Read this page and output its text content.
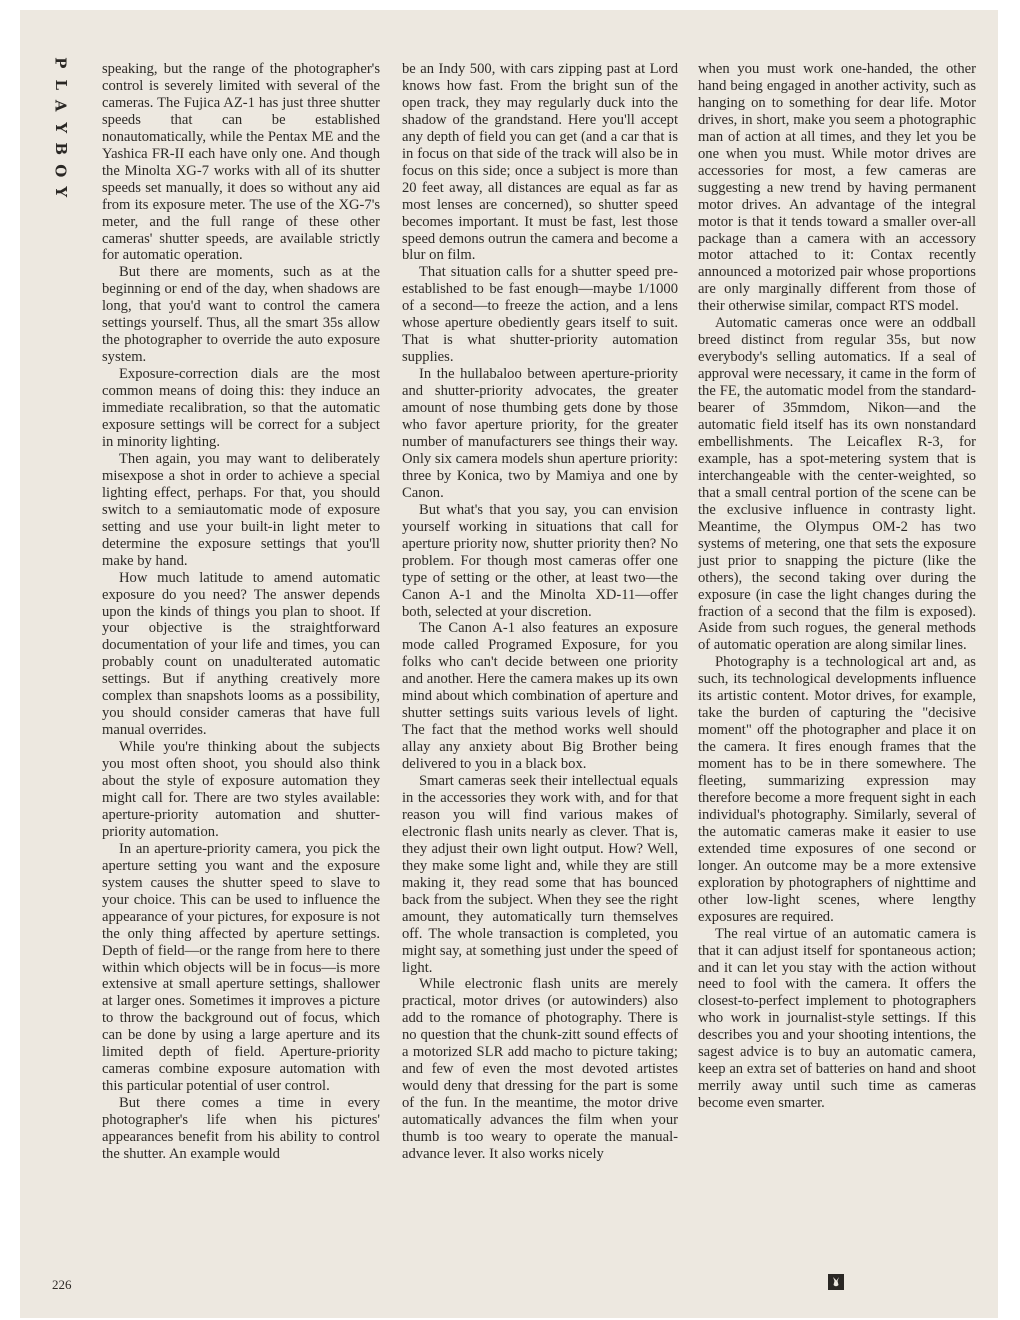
P
L
A
Y
B
O
Y

speaking, but the range of the photographer's control is severely limited with several of the cameras. The Fujica AZ-1 has just three shutter speeds that can be established nonautomatically, while the Pentax ME and the Yashica FR-II each have only one. And though the Minolta XG-7 works with all of its shutter speeds set manually, it does so without any aid from its exposure meter. The use of the XG-7's meter, and the full range of these other cameras' shutter speeds, are available strictly for automatic operation.

But there are moments, such as at the beginning or end of the day, when shadows are long, that you'd want to control the camera settings yourself. Thus, all the smart 35s allow the photographer to override the auto exposure system.

Exposure-correction dials are the most common means of doing this: they induce an immediate recalibration, so that the automatic exposure settings will be correct for a subject in minority lighting.

Then again, you may want to deliberately misexpose a shot in order to achieve a special lighting effect, perhaps. For that, you should switch to a semiautomatic mode of exposure setting and use your built-in light meter to determine the exposure settings that you'll make by hand.

How much latitude to amend automatic exposure do you need? The answer depends upon the kinds of things you plan to shoot. If your objective is the straightforward documentation of your life and times, you can probably count on unadulterated automatic settings. But if anything creatively more complex than snapshots looms as a possibility, you should consider cameras that have full manual overrides.

While you're thinking about the subjects you most often shoot, you should also think about the style of exposure automation they might call for. There are two styles available: aperture-priority automation and shutter-priority automation.

In an aperture-priority camera, you pick the aperture setting you want and the exposure system causes the shutter speed to slave to your choice. This can be used to influence the appearance of your pictures, for exposure is not the only thing affected by aperture settings. Depth of field—or the range from here to there within which objects will be in focus—is more extensive at small aperture settings, shallower at larger ones. Sometimes it improves a picture to throw the background out of focus, which can be done by using a large aperture and its limited depth of field. Aperture-priority cameras combine exposure automation with this particular potential of user control.

But there comes a time in every photographer's life when his pictures' appearances benefit from his ability to control the shutter. An example would

be an Indy 500, with cars zipping past at Lord knows how fast. From the bright sun of the open track, they may regularly duck into the shadow of the grandstand. Here you'll accept any depth of field you can get (and a car that is in focus on that side of the track will also be in focus on this side; once a subject is more than 20 feet away, all distances are equal as far as most lenses are concerned), so shutter speed becomes important. It must be fast, lest those speed demons outrun the camera and become a blur on film.

That situation calls for a shutter speed pre-established to be fast enough—maybe 1/1000 of a second—to freeze the action, and a lens whose aperture obediently gears itself to suit. That is what shutter-priority automation supplies.

In the hullabaloo between aperture-priority and shutter-priority advocates, the greater amount of nose thumbing gets done by those who favor aperture priority, for the greater number of manufacturers see things their way. Only six camera models shun aperture priority: three by Konica, two by Mamiya and one by Canon.

But what's that you say, you can envision yourself working in situations that call for aperture priority now, shutter priority then? No problem. For though most cameras offer one type of setting or the other, at least two—the Canon A-1 and the Minolta XD-11—offer both, selected at your discretion.

The Canon A-1 also features an exposure mode called Programed Exposure, for you folks who can't decide between one priority and another. Here the camera makes up its own mind about which combination of aperture and shutter settings suits various levels of light. The fact that the method works well should allay any anxiety about Big Brother being delivered to you in a black box.

Smart cameras seek their intellectual equals in the accessories they work with, and for that reason you will find various makes of electronic flash units nearly as clever. That is, they adjust their own light output. How? Well, they make some light and, while they are still making it, they read some that has bounced back from the subject. When they see the right amount, they automatically turn themselves off. The whole transaction is completed, you might say, at something just under the speed of light.

While electronic flash units are merely practical, motor drives (or autowinders) also add to the romance of photography. There is no question that the chunk-zitt sound effects of a motorized SLR add macho to picture taking; and few of even the most devoted artistes would deny that dressing for the part is some of the fun. In the meantime, the motor drive automatically advances the film when your thumb is too weary to operate the manual-advance lever. It also works nicely

when you must work one-handed, the other hand being engaged in another activity, such as hanging on to something for dear life. Motor drives, in short, make you seem a photographic man of action at all times, and they let you be one when you must. While motor drives are accessories for most, a few cameras are suggesting a new trend by having permanent motor drives. An advantage of the integral motor is that it tends toward a smaller over-all package than a camera with an accessory motor attached to it: Contax recently announced a motorized pair whose proportions are only marginally different from those of their otherwise similar, compact RTS model.

Automatic cameras once were an oddball breed distinct from regular 35s, but now everybody's selling automatics. If a seal of approval were necessary, it came in the form of the FE, the automatic model from the standard-bearer of 35mmdom, Nikon—and the automatic field itself has its own nonstandard embellishments. The Leicaflex R-3, for example, has a spot-metering system that is interchangeable with the center-weighted, so that a small central portion of the scene can be the exclusive influence in contrasty light. Meantime, the Olympus OM-2 has two systems of metering, one that sets the exposure just prior to snapping the picture (like the others), the second taking over during the exposure (in case the light changes during the fraction of a second that the film is exposed). Aside from such rogues, the general methods of automatic operation are along similar lines.

Photography is a technological art and, as such, its technological developments influence its artistic content. Motor drives, for example, take the burden of capturing the "decisive moment" off the photographer and place it on the camera. It fires enough frames that the moment has to be in there somewhere. The fleeting, summarizing expression may therefore become a more frequent sight in each individual's photography. Similarly, several of the automatic cameras make it easier to use extended time exposures of one second or longer. An outcome may be a more extensive exploration by photographers of nighttime and other low-light scenes, where lengthy exposures are required.

The real virtue of an automatic camera is that it can adjust itself for spontaneous action; and it can let you stay with the action without need to fool with the camera. It offers the closest-to-perfect implement to photographers who work in journalist-style settings. If this describes you and your shooting intentions, the sagest advice is to buy an automatic camera, keep an extra set of batteries on hand and shoot merrily away until such time as cameras become even smarter.

226
